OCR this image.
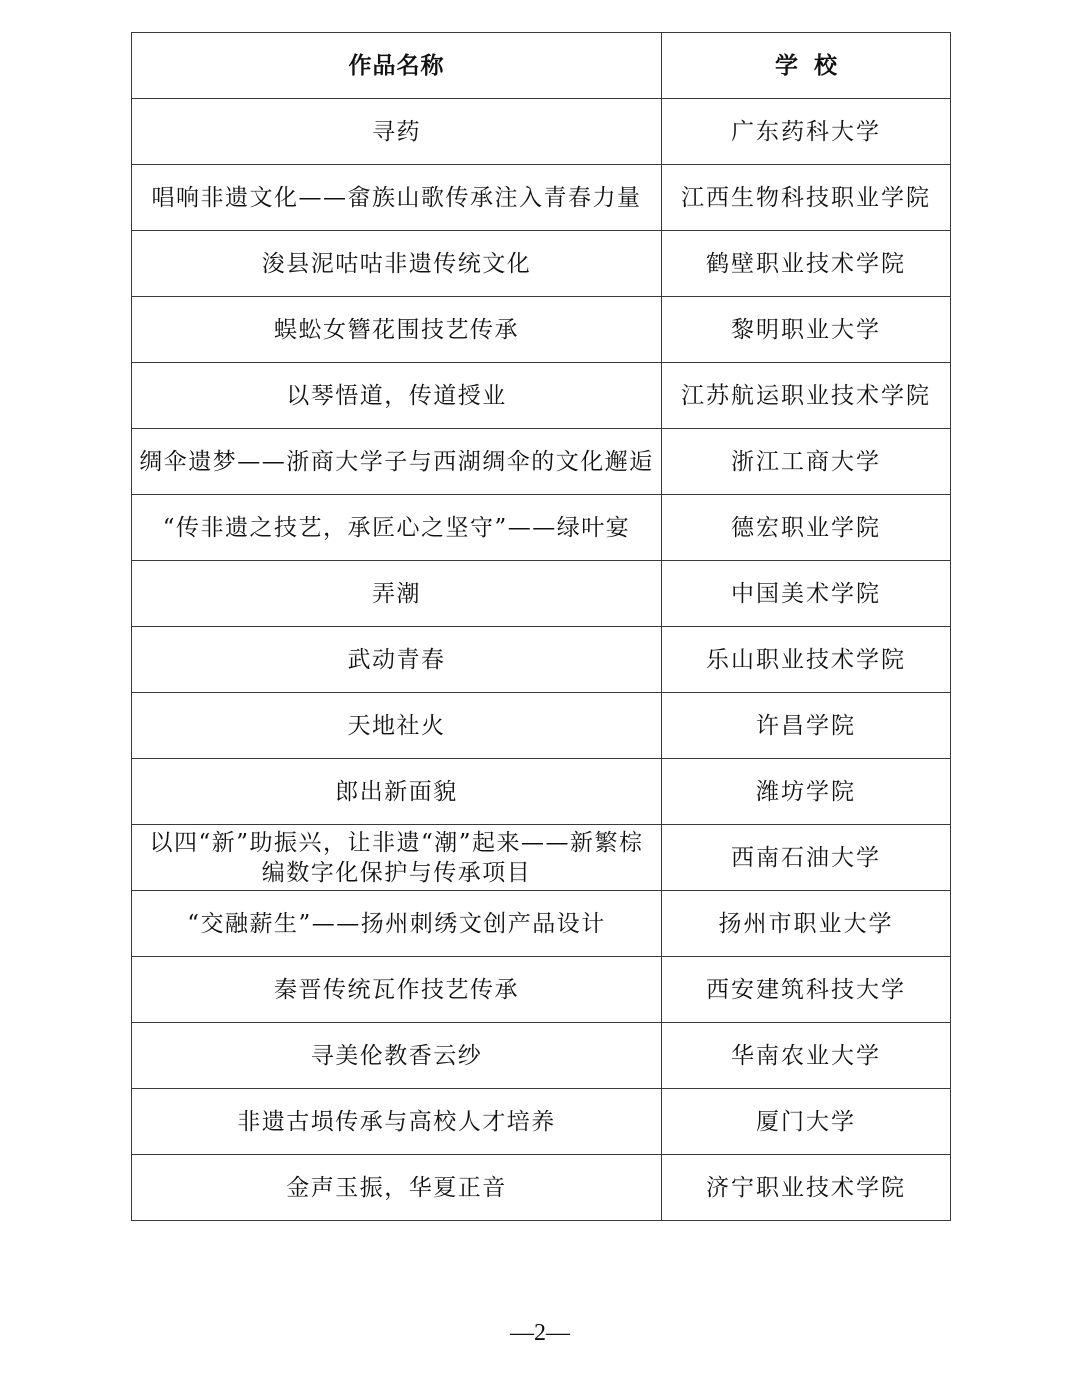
作品名称	学校
寻药	广东药科大学
唱响非遗文化——畲族山歌传承注入青春力量	江西生物科技职业学院
浚县泥咕咕非遗传统文化	鹤壁职业技术学院
蜈蚣女簪花围技艺传承	黎明职业大学
以琴悟道，传道授业	江苏航运职业技术学院
绸伞遗梦——浙商大学子与西湖绸伞的文化邂逅	浙江工商大学
“传非遗之技艺，承匠心之坚守”——绿叶宴	德宏职业学院
弄潮	中国美术学院
武动青春	乐山职业技术学院
天地社火	许昌学院
郎出新面貌	潍坊学院
以四“新”助振兴，让非遗“潮”起来——新繁棕编数字化保护与传承项目	西南石油大学
“交融薪生”——扬州刺绣文创产品设计	扬州市职业大学
秦晋传统瓦作技艺传承	西安建筑科技大学
寻美伦教香云纱	华南农业大学
非遗古埙传承与高校人才培养	厦门大学
金声玉振，华夏正音	济宁职业技术学院
—2—
